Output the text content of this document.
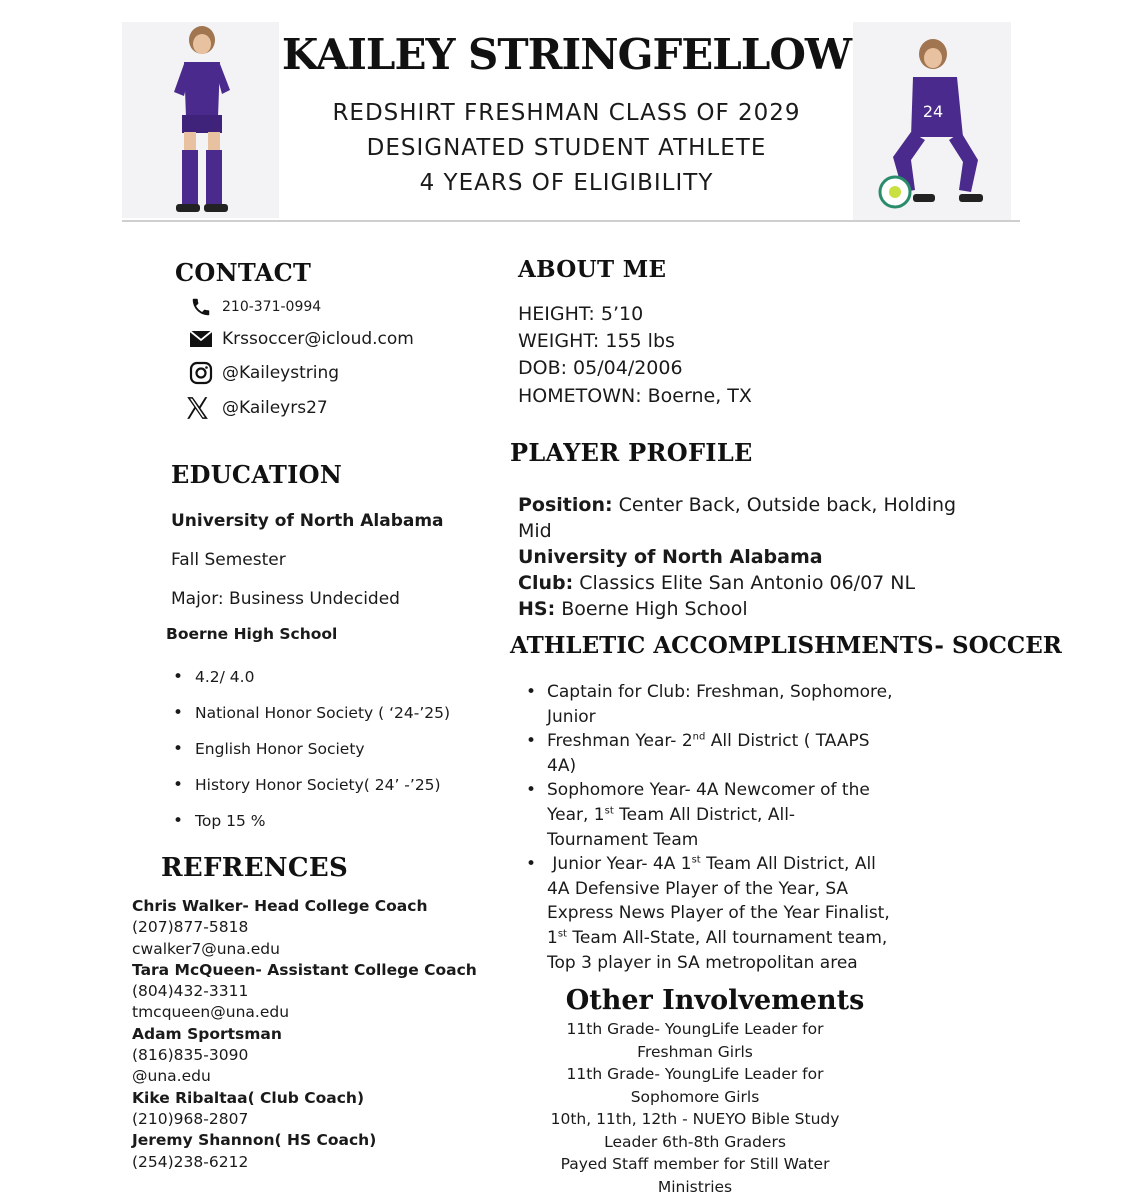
24
KAILEY STRINGFELLOW
REDSHIRT FRESHMAN CLASS OF 2029
DESIGNATED STUDENT ATHLETE
4 YEARS OF ELIGIBILITY
CONTACT
210-371-0994
Krssoccer@icloud.com
@Kaileystring
@Kaileyrs27
EDUCATION
University of North Alabama
Fall Semester
Major: Business Undecided
Boerne High School
• 4.2/ 4.0
• National Honor Society ( ‘24-’25)
• English Honor Society
• History Honor Society( 24’ -’25)
• Top 15 %
REFRENCES
Chris Walker- Head College Coach
(207)877-5818
cwalker7@una.edu
Tara McQueen- Assistant College Coach
(804)432-3311
tmcqueen@una.edu
Adam Sportsman
(816)835-3090
@una.edu
Kike Ribaltaa( Club Coach)
(210)968-2807
Jeremy Shannon( HS Coach)
(254)238-6212
ABOUT ME
HEIGHT: 5’10
WEIGHT: 155 lbs
DOB: 05/04/2006
HOMETOWN: Boerne, TX
PLAYER PROFILE
Position: Center Back, Outside back, Holding
Mid
University of North Alabama
Club: Classics Elite San Antonio 06/07 NL
HS: Boerne High School
ATHLETIC ACCOMPLISHMENTS- SOCCER
• Captain for Club: Freshman, Sophomore,
Junior
• Freshman Year- 2nd All District ( TAAPS
4A)
• Sophomore Year- 4A Newcomer of the
Year, 1st Team All District, All-
Tournament Team
•  Junior Year- 4A 1st Team All District, All
4A Defensive Player of the Year, SA
Express News Player of the Year Finalist,
1st Team All-State, All tournament team,
Top 3 player in SA metropolitan area
Other Involvements
11th Grade- YoungLife Leader for
Freshman Girls
11th Grade- YoungLife Leader for
Sophomore Girls
10th, 11th, 12th - NUEYO Bible Study
Leader 6th-8th Graders
Payed Staff member for Still Water
Ministries
